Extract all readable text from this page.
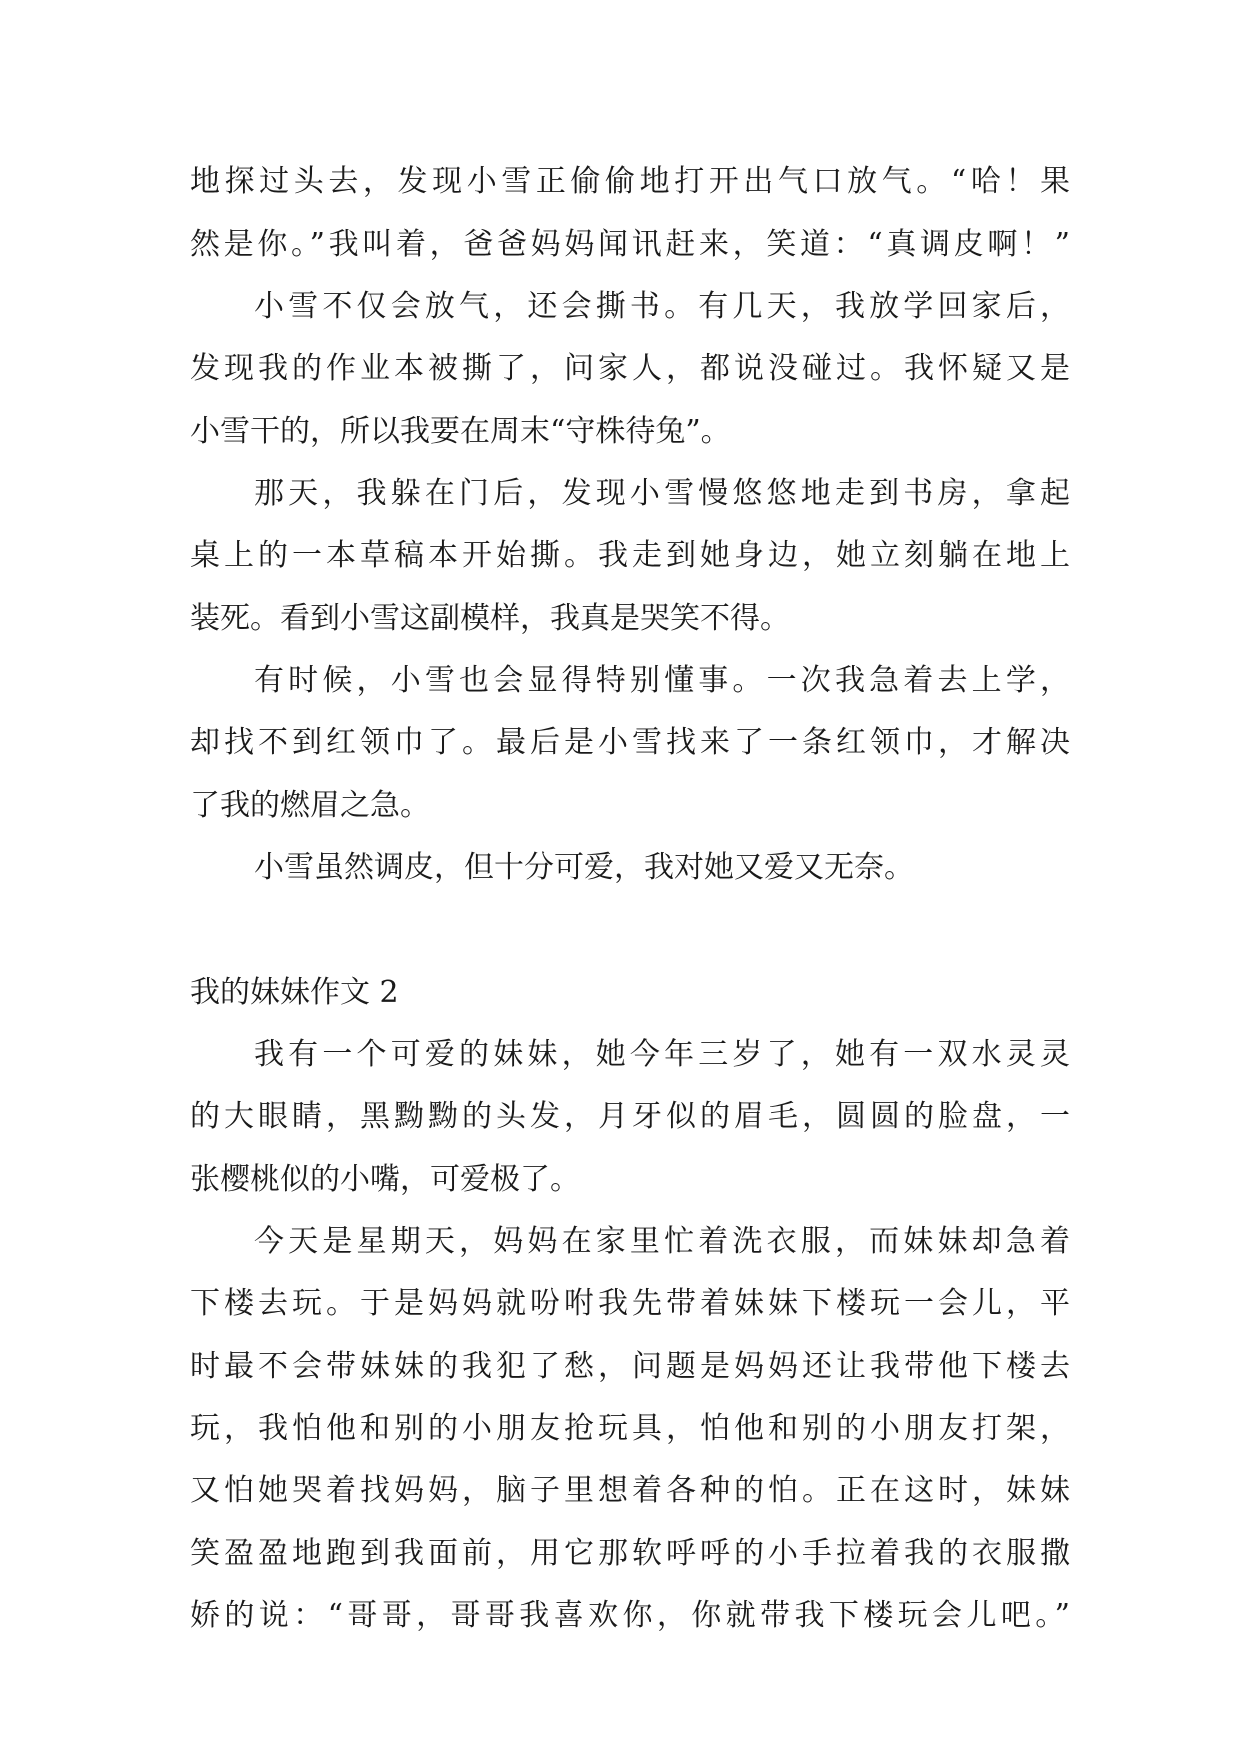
地探过头去，发现小雪正偷偷地打开出气口放气。“哈！果
然是你。”我叫着，爸爸妈妈闻讯赶来，笑道：“真调皮啊！”
小雪不仅会放气，还会撕书。有几天，我放学回家后，
发现我的作业本被撕了，问家人，都说没碰过。我怀疑又是
小雪干的，所以我要在周末“守株待兔”。
那天，我躲在门后，发现小雪慢悠悠地走到书房，拿起
桌上的一本草稿本开始撕。我走到她身边，她立刻躺在地上
装死。看到小雪这副模样，我真是哭笑不得。
有时候，小雪也会显得特别懂事。一次我急着去上学，
却找不到红领巾了。最后是小雪找来了一条红领巾，才解决
了我的燃眉之急。
小雪虽然调皮，但十分可爱，我对她又爱又无奈。
我的妹妹作文 2
我有一个可爱的妹妹，她今年三岁了，她有一双水灵灵
的大眼睛，黑黝黝的头发，月牙似的眉毛，圆圆的脸盘，一
张樱桃似的小嘴，可爱极了。
今天是星期天，妈妈在家里忙着洗衣服，而妹妹却急着
下楼去玩。于是妈妈就吩咐我先带着妹妹下楼玩一会儿，平
时最不会带妹妹的我犯了愁，问题是妈妈还让我带他下楼去
玩，我怕他和别的小朋友抢玩具，怕他和别的小朋友打架，
又怕她哭着找妈妈，脑子里想着各种的怕。正在这时，妹妹
笑盈盈地跑到我面前，用它那软呼呼的小手拉着我的衣服撒
娇的说：“哥哥，哥哥我喜欢你，你就带我下楼玩会儿吧。”
